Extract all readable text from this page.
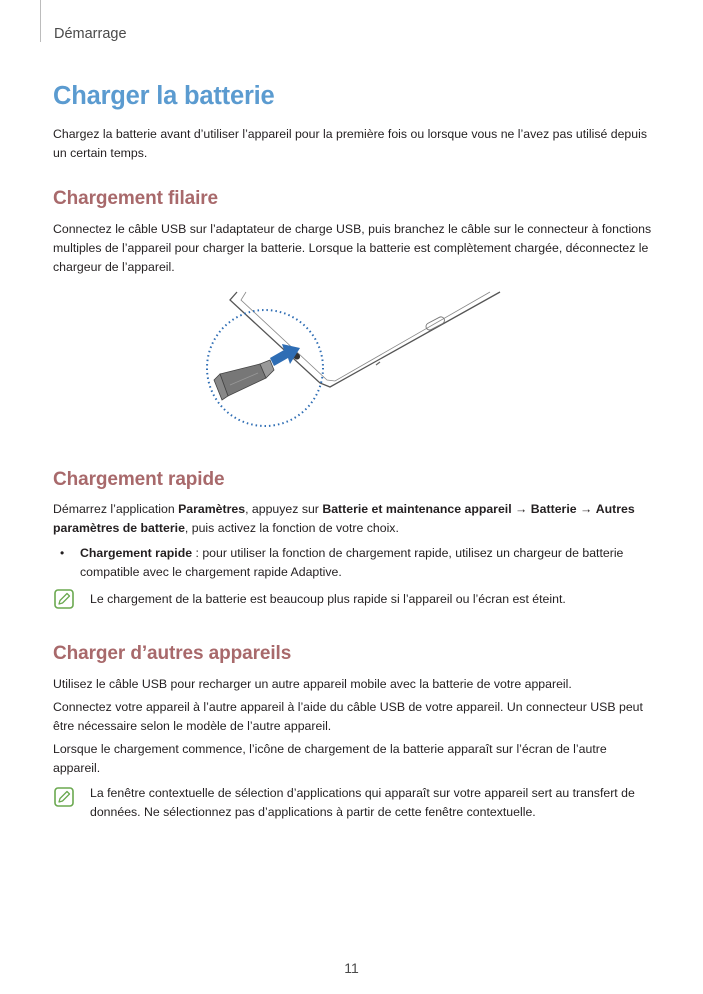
Démarrage
Charger la batterie

Chargez la batterie avant d’utiliser l’appareil pour la première fois ou lorsque vous ne l’avez pas utilisé depuis un certain temps.

Chargement filaire

Connectez le câble USB sur l’adaptateur de charge USB, puis branchez le câble sur le connecteur à fonctions multiples de l’appareil pour charger la batterie. Lorsque la batterie est complètement chargée, déconnectez le chargeur de l’appareil.

Chargement rapide

Démarrez l’application Paramètres, appuyez sur Batterie et maintenance appareil → Batterie → Autres paramètres de batterie, puis activez la fonction de votre choix.

• Chargement rapide : pour utiliser la fonction de chargement rapide, utilisez un chargeur de batterie compatible avec le chargement rapide Adaptive.

Le chargement de la batterie est beaucoup plus rapide si l’appareil ou l’écran est éteint.

Charger d’autres appareils

Utilisez le câble USB pour recharger un autre appareil mobile avec la batterie de votre appareil.

Connectez votre appareil à l’autre appareil à l’aide du câble USB de votre appareil. Un connecteur USB peut être nécessaire selon le modèle de l’autre appareil.

Lorsque le chargement commence, l’icône de chargement de la batterie apparaît sur l’écran de l’autre appareil.

La fenêtre contextuelle de sélection d’applications qui apparaît sur votre appareil sert au transfert de données. Ne sélectionnez pas d’applications à partir de cette fenêtre contextuelle.

11
